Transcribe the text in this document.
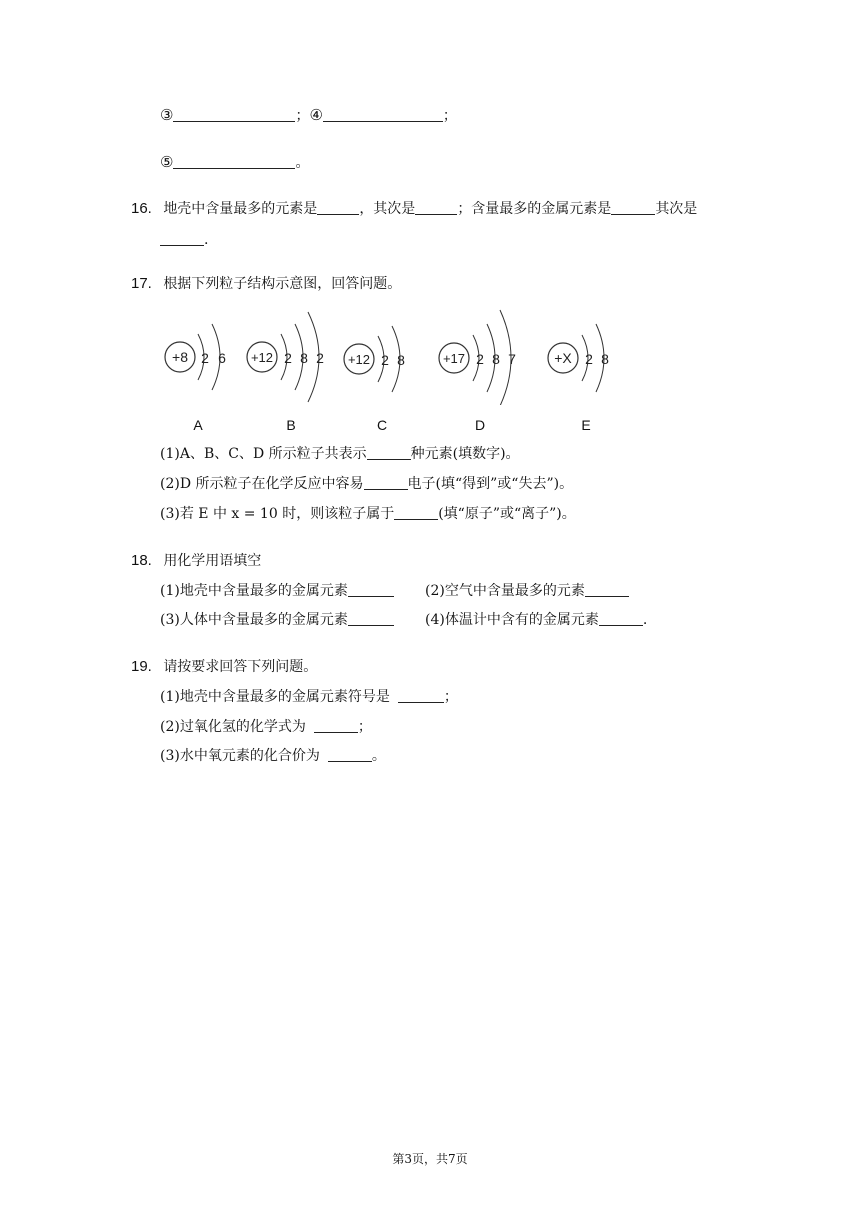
③	；④	；
⑤	。
16. 地壳中含量最多的元素是	，其次是	；含量最多的金属元素是	其次是
.
17. 根据下列粒子结构示意图，回答问题。
+8 2 6 +12 2 8 2 +12 2 8	+17 2 8 7	+X 2 8
A	B	C	D	E
(1)A、B、C、D 所示粒子共表示	种元素(填数字)。
(2)D 所示粒子在化学反应中容易	电子(填“得到”或“失去”)。
(3)若 E 中 x = 10 时，则该粒子属于	(填“原子”或“离子”)。
18. 用化学用语填空
(1)地壳中含量最多的金属元素	(2)空气中含量最多的元素
(3)人体中含量最多的金属元素	(4)体温计中含有的金属元素	.
19. 请按要求回答下列问题。
(1)地壳中含量最多的金属元素符号是	；
(2)过氧化氢的化学式为	；
(3)水中氧元素的化合价为	。
第3页，共7页
